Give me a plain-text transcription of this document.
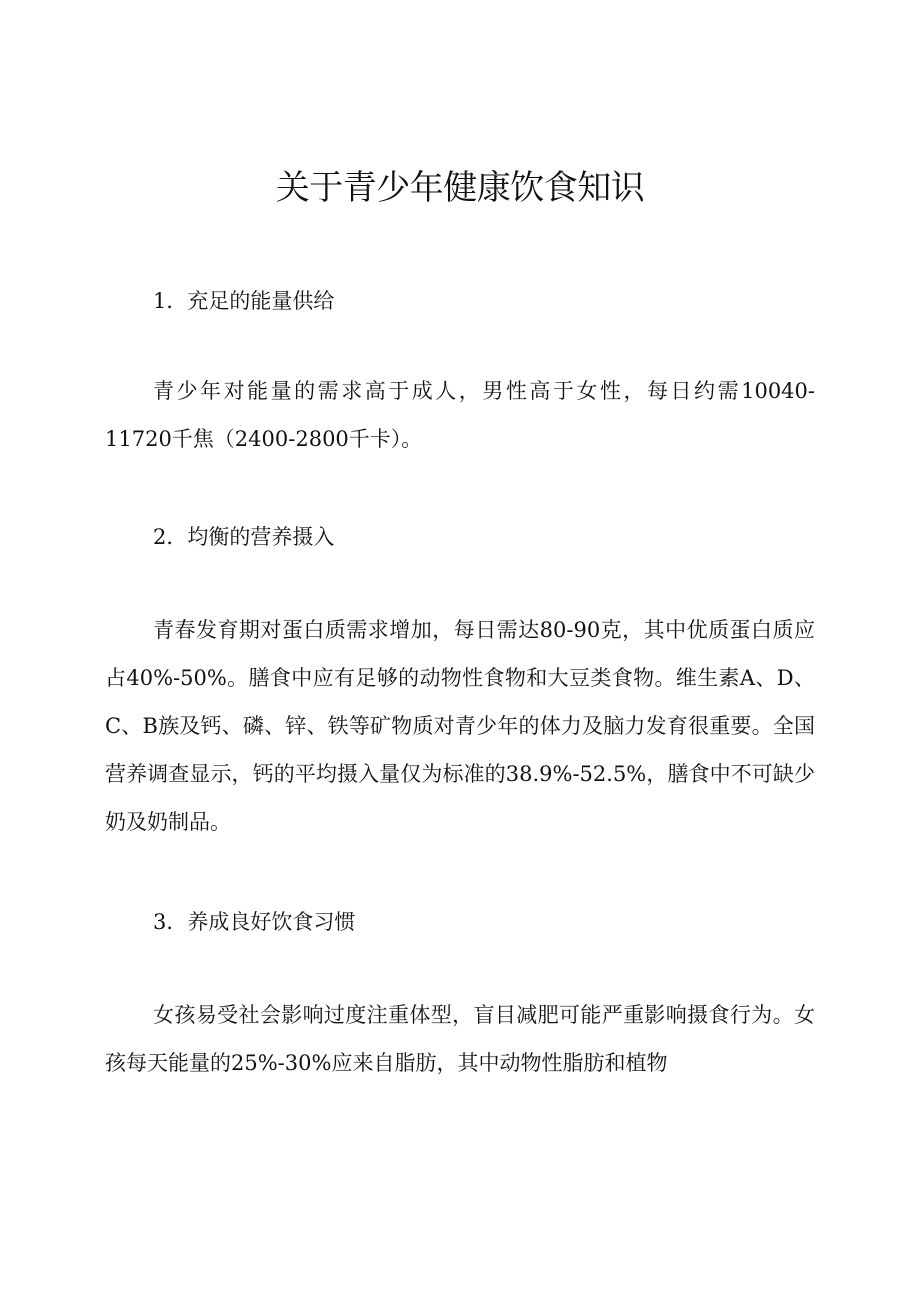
关于青少年健康饮食知识
1．充足的能量供给

青少年对能量的需求高于成人，男性高于女性，每日约需10040-11720千焦（2400-2800千卡）。

2．均衡的营养摄入

青春发育期对蛋白质需求增加，每日需达80-90克，其中优质蛋白质应占40%-50%。膳食中应有足够的动物性食物和大豆类食物。维生素A、D、C、B族及钙、磷、锌、铁等矿物质对青少年的体力及脑力发育很重要。全国营养调查显示，钙的平均摄入量仅为标准的38.9%-52.5%，膳食中不可缺少奶及奶制品。

3．养成良好饮食习惯

女孩易受社会影响过度注重体型，盲目减肥可能严重影响摄食行为。女孩每天能量的25%-30%应来自脂肪，其中动物性脂肪和植物
